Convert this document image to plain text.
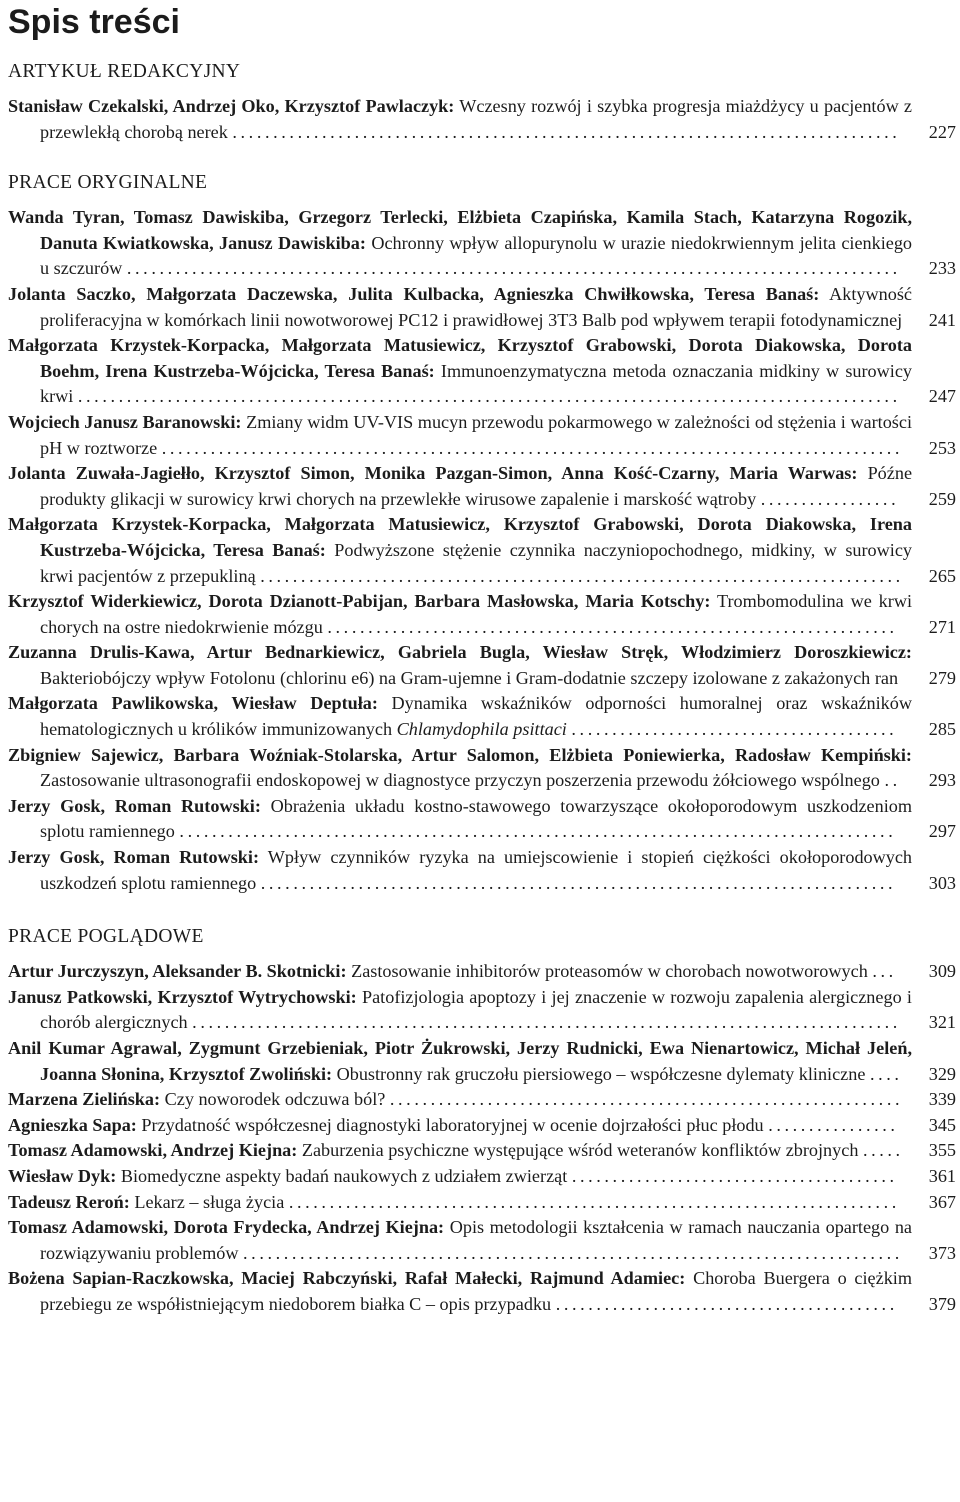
Spis treści
ARTYKUŁ REDAKCYJNY
Stanisław Czekalski, Andrzej Oko, Krzysztof Pawlaczyk: Wczesny rozwój i szybka progresja miażdżycy u pacjentów z przewlekłą chorobą nerek ..................................................................................	227
PRACE ORYGINALNE
Wanda Tyran, Tomasz Dawiskiba, Grzegorz Terlecki, Elżbieta Czapińska, Kamila Stach, Katarzyna Rogozik, Danuta Kwiatkowska, Janusz Dawiskiba: Ochronny wpływ allopurynolu w urazie niedokrwiennym jelita cienkiego u szczurów ...............................................................................................	233
Jolanta Saczko, Małgorzata Daczewska, Julita Kulbacka, Agnieszka Chwiłkowska, Teresa Banaś: Aktywność proliferacyjna w komórkach linii nowotworowej PC12 i prawidłowej 3T3 Balb pod wpływem terapii fotodynamicznej	241
Małgorzata Krzystek-Korpacka, Małgorzata Matusiewicz, Krzysztof Grabowski, Dorota Diakowska, Dorota Boehm, Irena Kustrzeba-Wójcicka, Teresa Banaś: Immunoenzymatyczna metoda oznaczania midkiny w surowicy krwi .....................................................................................................	247
Wojciech Janusz Baranowski: Zmiany widm UV-VIS mucyn przewodu pokarmowego w zależności od stężenia i wartości pH w roztworze ...........................................................................................	253
Jolanta Zuwała-Jagiełło, Krzysztof Simon, Monika Pazgan-Simon, Anna Kość-Czarny, Maria Warwas: Późne produkty glikacji w surowicy krwi chorych na przewlekłe wirusowe zapalenie i marskość wątroby .................	259
Małgorzata Krzystek-Korpacka, Małgorzata Matusiewicz, Krzysztof Grabowski, Dorota Diakowska, Irena Kustrzeba-Wójcicka, Teresa Banaś: Podwyższone stężenie czynnika naczyniopochodnego, midkiny, w surowicy krwi pacjentów z przepukliną ...............................................................................	265
Krzysztof Widerkiewicz, Dorota Dzianott-Pabijan, Barbara Masłowska, Maria Kotschy: Trombomodulina we krwi chorych na ostre niedokrwienie mózgu ......................................................................	271
Zuzanna Drulis-Kawa, Artur Bednarkiewicz, Gabriela Bugla, Wiesław Stręk, Włodzimierz Doroszkiewicz: Bakteriobójczy wpływ Fotolonu (chlorinu e6) na Gram-ujemne i Gram-dodatnie szczepy izolowane z zakażonych ran	279
Małgorzata Pawlikowska, Wiesław Deptuła: Dynamika wskaźników odporności humoralnej oraz wskaźników hematologicznych u królików immunizowanych Chlamydophila psittaci ........................................	285
Zbigniew Sajewicz, Barbara Woźniak-Stolarska, Artur Salomon, Elżbieta Poniewierka, Radosław Kempiński: Zastosowanie ultrasonografii endoskopowej w diagnostyce przyczyn poszerzenia przewodu żółciowego wspólnego ..	293
Jerzy Gosk, Roman Rutowski: Obrażenia układu kostno-stawowego towarzyszące okołoporodowym uszkodzeniom splotu ramiennego ........................................................................................	297
Jerzy Gosk, Roman Rutowski: Wpływ czynników ryzyka na umiejscowienie i stopień ciężkości okołoporodowych uszkodzeń splotu ramiennego ..............................................................................	303
PRACE POGLĄDOWE
Artur Jurczyszyn, Aleksander B. Skotnicki: Zastosowanie inhibitorów proteasomów w chorobach nowotworowych ...	309
Janusz Patkowski, Krzysztof Wytrychowski: Patofizjologia apoptozy i jej znaczenie w rozwoju zapalenia alergicznego i chorób alergicznych .......................................................................................	321
Anil Kumar Agrawal, Zygmunt Grzebieniak, Piotr Żukrowski, Jerzy Rudnicki, Ewa Nienartowicz, Michał Jeleń, Joanna Słonina, Krzysztof Zwoliński: Obustronny rak gruczołu piersiowego – współczesne dylematy kliniczne ....	329
Marzena Zielińska: Czy noworodek odczuwa ból? ...............................................................	339
Agnieszka Sapa: Przydatność współczesnej diagnostyki laboratoryjnej w ocenie dojrzałości płuc płodu ................	345
Tomasz Adamowski, Andrzej Kiejna: Zaburzenia psychiczne występujące wśród weteranów konfliktów zbrojnych .....	355
Wiesław Dyk: Biomedyczne aspekty badań naukowych z udziałem zwierząt ........................................	361
Tadeusz Reroń: Lekarz – sługa życia ...........................................................................	367
Tomasz Adamowski, Dorota Frydecka, Andrzej Kiejna: Opis metodologii kształcenia w ramach nauczania opartego na rozwiązywaniu problemów .................................................................................	373
Bożena Sapian-Raczkowska, Maciej Rabczyński, Rafał Małecki, Rajmund Adamiec: Choroba Buergera o ciężkim przebiegu ze współistniejącym niedoborem białka C – opis przypadku ..........................................	379
